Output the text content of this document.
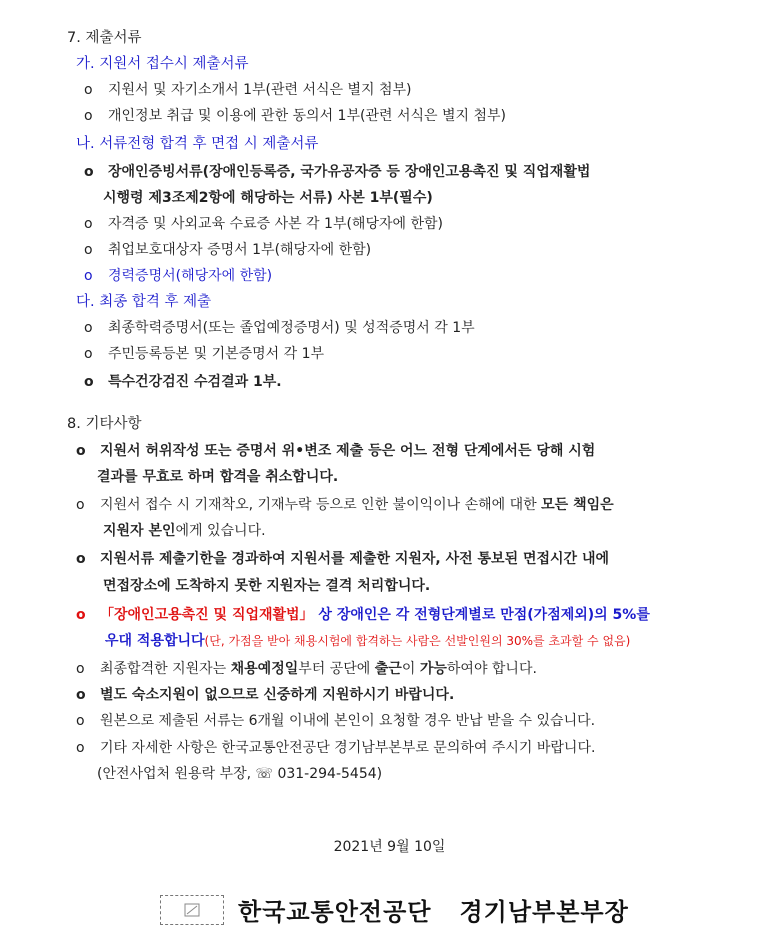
7. 제출서류
가. 지원서 접수시 제출서류
o 지원서 및 자기소개서 1부(관련 서식은 별지 첨부)
o 개인정보 취급 및 이용에 관한 동의서 1부(관련 서식은 별지 첨부)
나. 서류전형 합격 후 면접 시 제출서류
o 장애인증빙서류(장애인등록증, 국가유공자증 등 장애인고용촉진 및 직업재활법
시행령 제3조제2항에 해당하는 서류) 사본 1부(필수)
o 자격증 및 사외교육 수료증 사본 각 1부(해당자에 한함)
o 취업보호대상자 증명서 1부(해당자에 한함)
o 경력증명서(해당자에 한함)
다. 최종 합격 후 제출
o 최종학력증명서(또는 졸업예정증명서) 및 성적증명서 각 1부
o 주민등록등본 및 기본증명서 각 1부
o 특수건강검진 수검결과 1부.
8. 기타사항
o 지원서 허위작성 또는 증명서 위•변조 제출 등은 어느 전형 단계에서든 당해 시험
결과를 무효로 하며 합격을 취소합니다.
o 지원서 접수 시 기재착오, 기재누락 등으로 인한 불이익이나 손해에 대한 모든 책임은
지원자 본인에게 있습니다.
o 지원서류 제출기한을 경과하여 지원서를 제출한 지원자, 사전 통보된 면접시간 내에
면접장소에 도착하지 못한 지원자는 결격 처리합니다.
o 「장애인고용촉진 및 직업재활법」 상 장애인은 각 전형단계별로 만점(가점제외)의 5%를
우대 적용합니다(단, 가점을 받아 채용시험에 합격하는 사람은 선발인원의 30%를 초과할 수 없음)
o 최종합격한 지원자는 채용예정일부터 공단에 출근이 가능하여야 합니다.
o 별도 숙소지원이 없으므로 신중하게 지원하시기 바랍니다.
o 원본으로 제출된 서류는 6개월 이내에 본인이 요청할 경우 반납 받을 수 있습니다.
o 기타 자세한 사항은 한국교통안전공단 경기남부본부로 문의하여 주시기 바랍니다.
(안전사업처 원용락 부장, ☏ 031-294-5454)
2021년 9월 10일
한국교통안전공단 경기남부본부장
